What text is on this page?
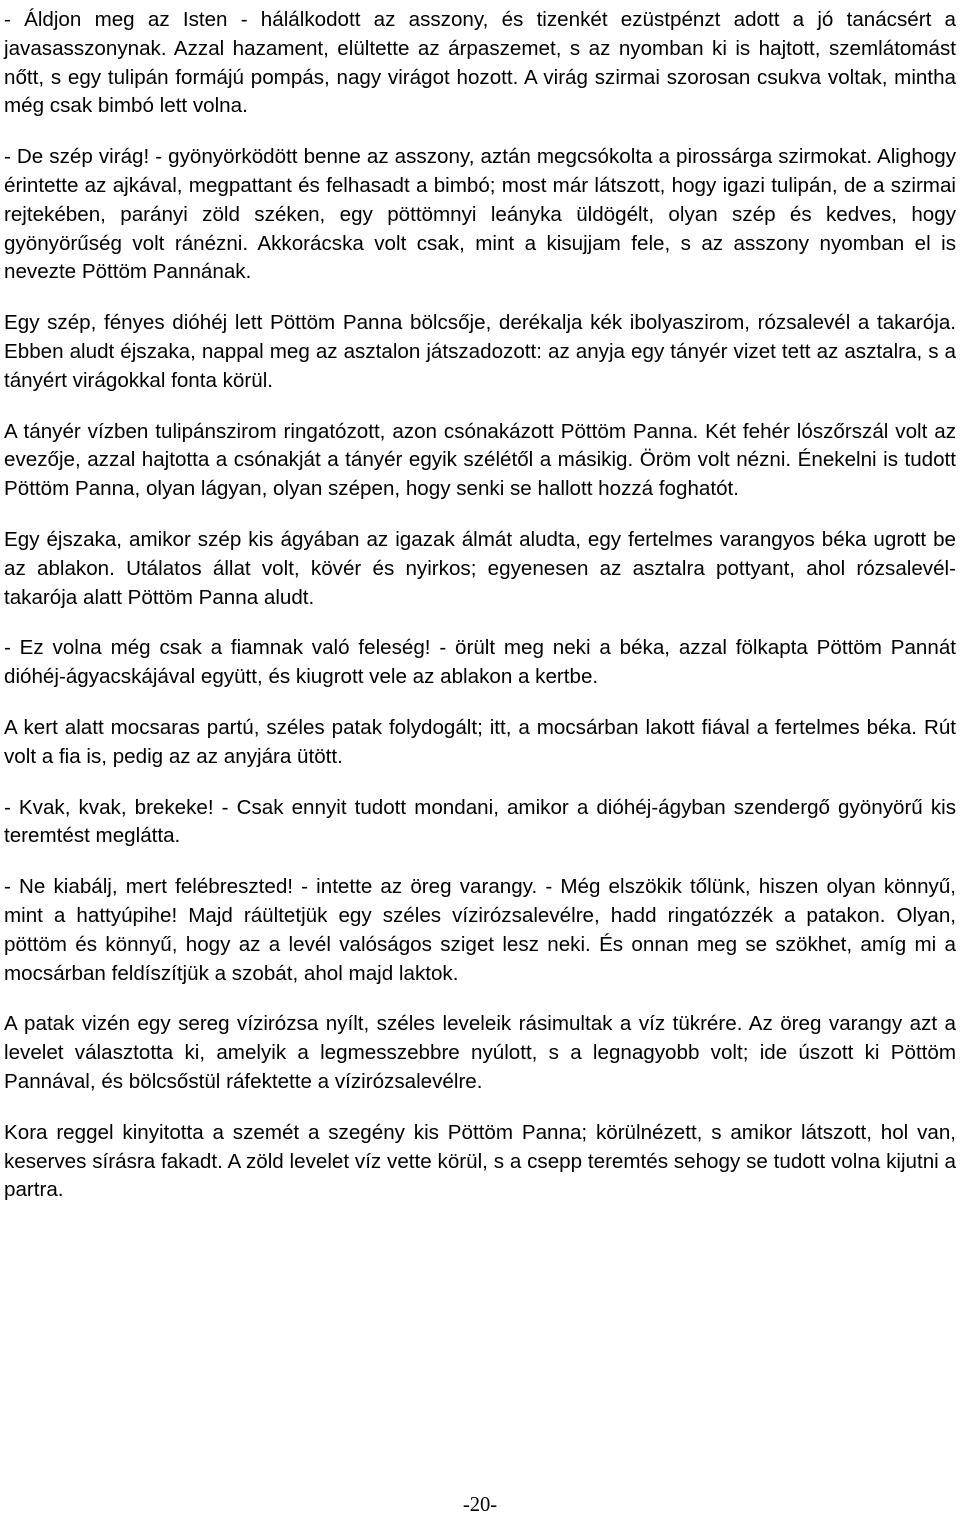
- Áldjon meg az Isten - hálálkodott az asszony, és tizenkét ezüstpénzt adott a jó tanácsért a javasasszonynak. Azzal hazament, elültette az árpaszemet, s az nyomban ki is hajtott, szemlátomást nőtt, s egy tulipán formájú pompás, nagy virágot hozott. A virág szirmai szorosan csukva voltak, mintha még csak bimbó lett volna.

- De szép virág! - gyönyörködött benne az asszony, aztán megcsókolta a pirossárga szirmokat. Alighogy érintette az ajkával, megpattant és felhasadt a bimbó; most már látszott, hogy igazi tulipán, de a szirmai rejtekében, parányi zöld széken, egy pöttömnyi leányka üldögélt, olyan szép és kedves, hogy gyönyörűség volt ránézni. Akkorácska volt csak, mint a kisujjam fele, s az asszony nyomban el is nevezte Pöttöm Pannának.

Egy szép, fényes dióhéj lett Pöttöm Panna bölcsője, derékalja kék ibolyaszirom, rózsalevél a takarója. Ebben aludt éjszaka, nappal meg az asztalon játszadozott: az anyja egy tányér vizet tett az asztalra, s a tányért virágokkal fonta körül.

A tányér vízben tulipánszirom ringatózott, azon csónakázott Pöttöm Panna. Két fehér lószőrszál volt az evezője, azzal hajtotta a csónakját a tányér egyik szélétől a másikig. Öröm volt nézni. Énekelni is tudott Pöttöm Panna, olyan lágyan, olyan szépen, hogy senki se hallott hozzá foghatót.

Egy éjszaka, amikor szép kis ágyában az igazak álmát aludta, egy fertelmes varangyos béka ugrott be az ablakon. Utálatos állat volt, kövér és nyirkos; egyenesen az asztalra pottyant, ahol rózsalevél-takarója alatt Pöttöm Panna aludt.

- Ez volna még csak a fiamnak való feleség! - örült meg neki a béka, azzal fölkapta Pöttöm Pannát dióhéj-ágyacskájával együtt, és kiugrott vele az ablakon a kertbe.

A kert alatt mocsaras partú, széles patak folydogált; itt, a mocsárban lakott fiával a fertelmes béka. Rút volt a fia is, pedig az az anyjára ütött.

- Kvak, kvak, brekeke! - Csak ennyit tudott mondani, amikor a dióhéj-ágyban szendergő gyönyörű kis teremtést meglátta.

- Ne kiabálj, mert felébreszted! - intette az öreg varangy. - Még elszökik tőlünk, hiszen olyan könnyű, mint a hattyúpihe! Majd ráültetjük egy széles vízirózsalevélre, hadd ringatózzék a patakon. Olyan, pöttöm és könnyű, hogy az a levél valóságos sziget lesz neki. És onnan meg se szökhet, amíg mi a mocsárban feldíszítjük a szobát, ahol majd laktok.

A patak vizén egy sereg vízirózsa nyílt, széles leveleik rásimultak a víz tükrére. Az öreg varangy azt a levelet választotta ki, amelyik a legmesszebbre nyúlott, s a legnagyobb volt; ide úszott ki Pöttöm Pannával, és bölcsőstül ráfektette a vízirózsalevélre.

Kora reggel kinyitotta a szemét a szegény kis Pöttöm Panna; körülnézett, s amikor látszott, hol van, keserves sírásra fakadt. A zöld levelet víz vette körül, s a csepp teremtés sehogy se tudott volna kijutni a partra.

-20-
